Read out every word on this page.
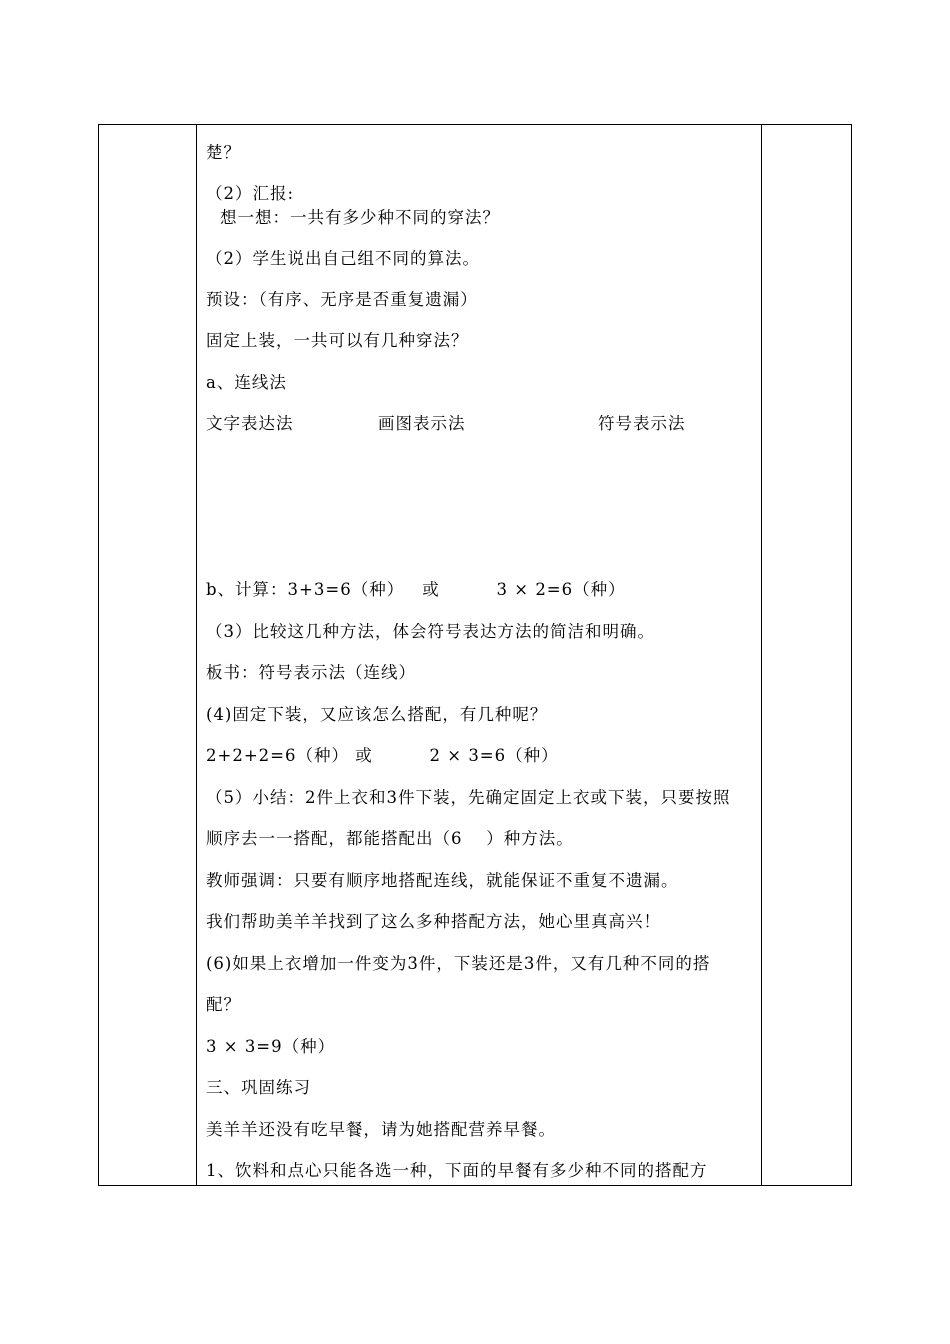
楚？
（2）汇报:
想一想：一共有多少种不同的穿法？
（2）学生说出自己组不同的算法。
预设：（有序、无序是否重复遗漏）
固定上装，一共可以有几种穿法？
a、连线法
文字表达法	画图表示法	符号表示法
b、计算：3+3=6（种） 或	3 × 2=6（种）
（3）比较这几种方法，体会符号表达方法的简洁和明确。
板书：符号表示法（连线）
(4)固定下装，又应该怎么搭配，有几种呢？
2+2+2=6（种） 或	2 × 3=6（种）
（5）小结：2件上衣和3件下装，先确定固定上衣或下装，只要按照
顺序去一一搭配，都能搭配出（6　 ）种方法。
教师强调：只要有顺序地搭配连线，就能保证不重复不遗漏。
我们帮助美羊羊找到了这么多种搭配方法，她心里真高兴！
(6)如果上衣增加一件变为3件，下装还是3件，又有几种不同的搭
配？
3 × 3=9（种）
三、巩固练习
美羊羊还没有吃早餐，请为她搭配营养早餐。
1、饮料和点心只能各选一种，下面的早餐有多少种不同的搭配方
